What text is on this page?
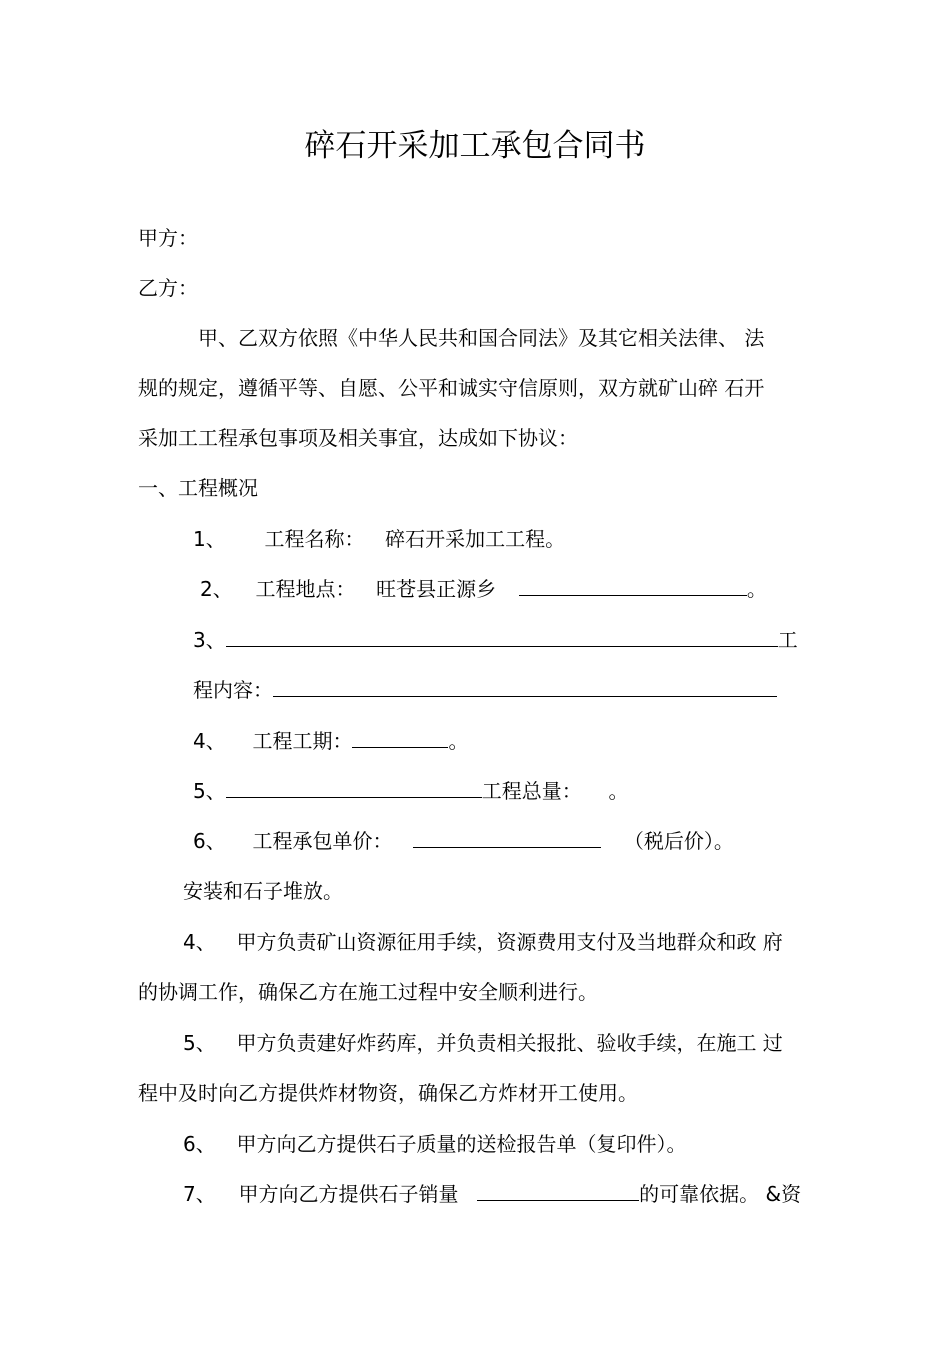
碎石开采加工承包合同书
甲方：
乙方：
甲、乙双方依照《中华人民共和国合同法》及其它相关法律、 法
规的规定，遵循平等、自愿、公平和诚实守信原则，双方就矿山碎 石开
采加工工程承包事项及相关事宜，达成如下协议：
一、工程概况
1、 工程名称： 碎石开采加工工程。
2、 工程地点： 旺苍县正源乡	。
3、	工
程内容：
4、 工程工期：	。
5、	工程总量： 。
6、 工程承包单价：	（税后价）。
安装和石子堆放。
4、 甲方负责矿山资源征用手续，资源费用支付及当地群众和政 府
的协调工作，确保乙方在施工过程中安全顺利进行。
5、 甲方负责建好炸药库，并负责相关报批、验收手续，在施工 过
程中及时向乙方提供炸材物资，确保乙方炸材开工使用。
6、 甲方向乙方提供石子质量的送检报告单（复印件）。
7、 甲方向乙方提供石子销量	的可靠依据。 &资
